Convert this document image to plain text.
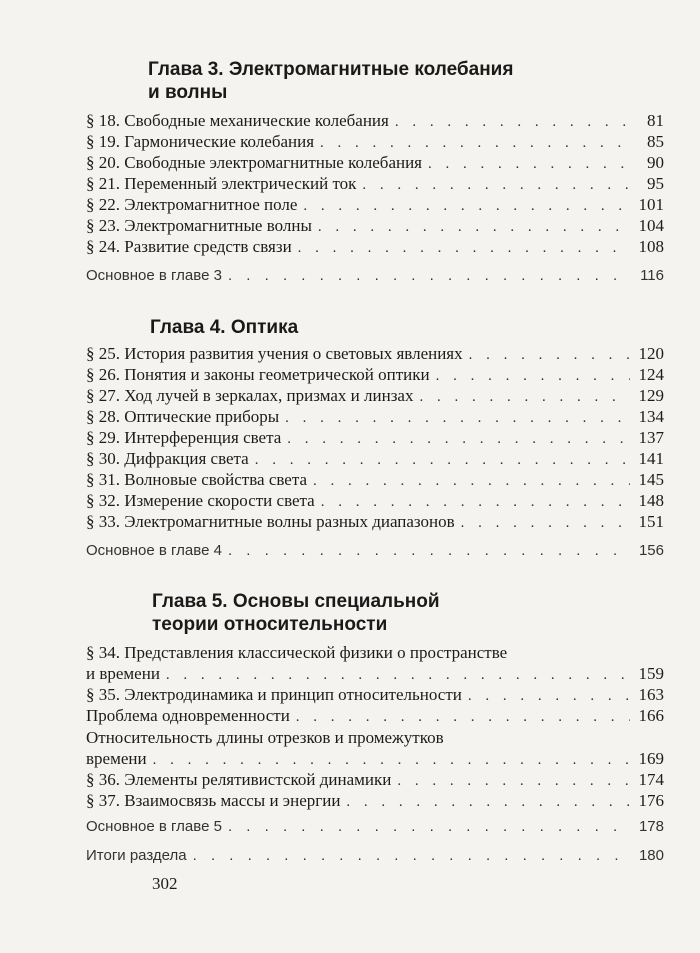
Глава 3. Электромагнитные колебания
и волны
§ 18. Свободные механические колебания . . .	81
§ 19. Гармонические колебания . . .	85
§ 20. Свободные электромагнитные колебания . . .	90
§ 21. Переменный электрический ток . . .	95
§ 22. Электромагнитное поле . . .	101
§ 23. Электромагнитные волны . . .	104
§ 24. Развитие средств связи . . .	108
Основное в главе 3 . . .	116
Глава 4. Оптика
§ 25. История развития учения о световых явлениях . . .	120
§ 26. Понятия и законы геометрической оптики . . .	124
§ 27. Ход лучей в зеркалах, призмах и линзах . . .	129
§ 28. Оптические приборы . . .	134
§ 29. Интерференция света . . .	137
§ 30. Дифракция света . . .	141
§ 31. Волновые свойства света . . .	145
§ 32. Измерение скорости света . . .	148
§ 33. Электромагнитные волны разных диапазонов . . .	151
Основное в главе 4 . . .	156
Глава 5. Основы специальной
теории относительности
§ 34. Представления классической физики о пространстве
и времени . . .	159
§ 35. Электродинамика и принцип относительности . . .	163
Проблема одновременности . . .	166
Относительность длины отрезков и промежутков
времени . . .	169
§ 36. Элементы релятивистской динамики . . .	174
§ 37. Взаимосвязь массы и энергии . . .	176
Основное в главе 5 . . .	178
Итоги раздела . . .	180
302
